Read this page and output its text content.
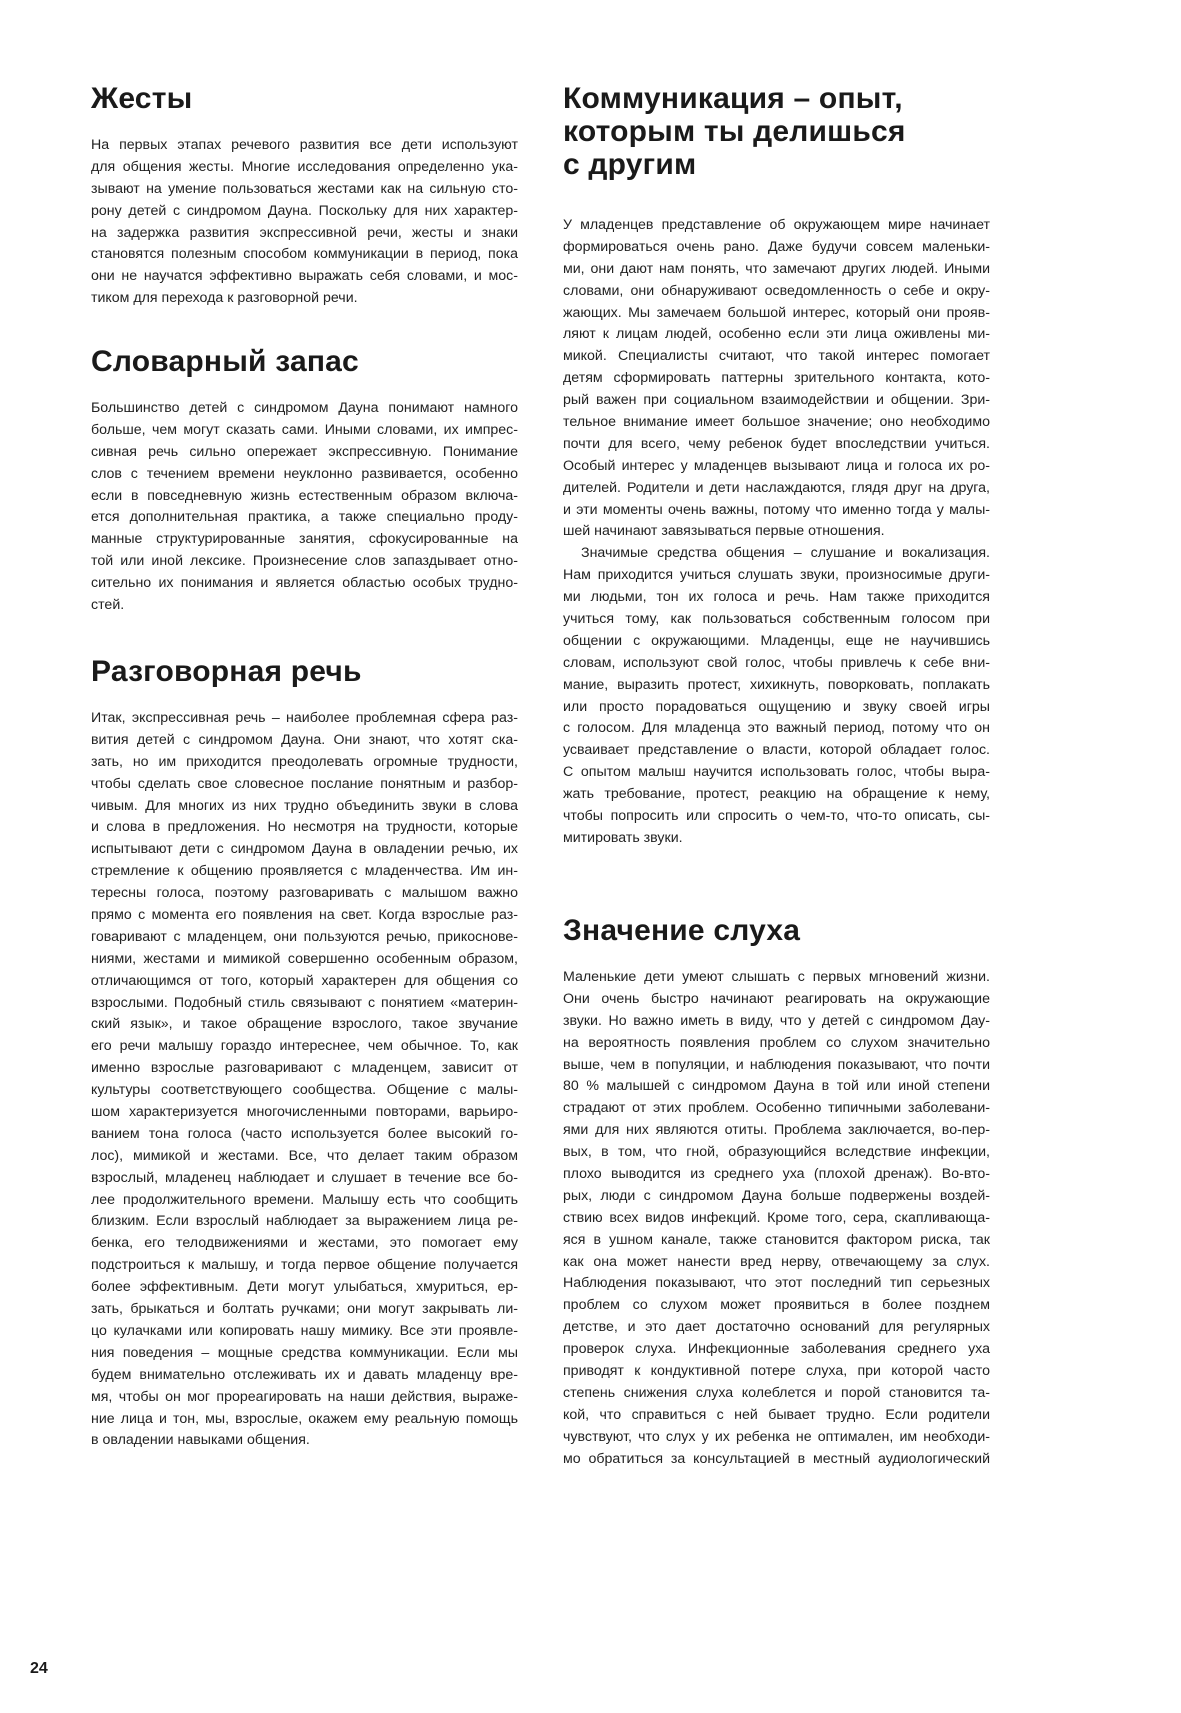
Жесты
На первых этапах речевого развития все дети используют
для общения жесты. Многие исследования определенно ука-
зывают на умение пользоваться жестами как на сильную сто-
рону детей с синдромом Дауна. Поскольку для них характер-
на задержка развития экспрессивной речи, жесты и знаки
становятся полезным способом коммуникации в период, пока
они не научатся эффективно выражать себя словами, и мос-
тиком для перехода к разговорной речи.
Словарный запас
Большинство детей с синдромом Дауна понимают намного
больше, чем могут сказать сами. Иными словами, их импрес-
сивная речь сильно опережает экспрессивную. Понимание
слов с течением времени неуклонно развивается, особенно
если в повседневную жизнь естественным образом включа-
ется дополнительная практика, а также специально проду-
манные структурированные занятия, сфокусированные на
той или иной лексике. Произнесение слов запаздывает отно-
сительно их понимания и является областью особых трудно-
стей.
Разговорная речь
Итак, экспрессивная речь – наиболее проблемная сфера раз-
вития детей с синдромом Дауна. Они знают, что хотят ска-
зать, но им приходится преодолевать огромные трудности,
чтобы сделать свое словесное послание понятным и разбор-
чивым. Для многих из них трудно объединить звуки в слова
и слова в предложения. Но несмотря на трудности, которые
испытывают дети с синдромом Дауна в овладении речью, их
стремление к общению проявляется с младенчества. Им ин-
тересны голоса, поэтому разговаривать с малышом важно
прямо с момента его появления на свет. Когда взрослые раз-
говаривают с младенцем, они пользуются речью, прикоснове-
ниями, жестами и мимикой совершенно особенным образом,
отличающимся от того, который характерен для общения со
взрослыми. Подобный стиль связывают с понятием «материн-
ский язык», и такое обращение взрослого, такое звучание
его речи малышу гораздо интереснее, чем обычное. То, как
именно взрослые разговаривают с младенцем, зависит от
культуры соответствующего сообщества. Общение с малы-
шом характеризуется многочисленными повторами, варьиро-
ванием тона голоса (часто используется более высокий го-
лос), мимикой и жестами. Все, что делает таким образом
взрослый, младенец наблюдает и слушает в течение все бо-
лее продолжительного времени. Малышу есть что сообщить
близким. Если взрослый наблюдает за выражением лица ре-
бенка, его телодвижениями и жестами, это помогает ему
подстроиться к малышу, и тогда первое общение получается
более эффективным. Дети могут улыбаться, хмуриться, ер-
зать, брыкаться и болтать ручками; они могут закрывать ли-
цо кулачками или копировать нашу мимику. Все эти проявле-
ния поведения – мощные средства коммуникации. Если мы
будем внимательно отслеживать их и давать младенцу вре-
мя, чтобы он мог прореагировать на наши действия, выраже-
ние лица и тон, мы, взрослые, окажем ему реальную помощь
в овладении навыками общения.
Коммуникация – опыт,
которым ты делишься
с другим
У младенцев представление об окружающем мире начинает
формироваться очень рано. Даже будучи совсем маленьки-
ми, они дают нам понять, что замечают других людей. Иными
словами, они обнаруживают осведомленность о себе и окру-
жающих. Мы замечаем большой интерес, который они прояв-
ляют к лицам людей, особенно если эти лица оживлены ми-
микой. Специалисты считают, что такой интерес помогает
детям сформировать паттерны зрительного контакта, кото-
рый важен при социальном взаимодействии и общении. Зри-
тельное внимание имеет большое значение; оно необходимо
почти для всего, чему ребенок будет впоследствии учиться.
Особый интерес у младенцев вызывают лица и голоса их ро-
дителей. Родители и дети наслаждаются, глядя друг на друга,
и эти моменты очень важны, потому что именно тогда у малы-
шей начинают завязываться первые отношения.
Значимые средства общения – слушание и вокализация.
Нам приходится учиться слушать звуки, произносимые други-
ми людьми, тон их голоса и речь. Нам также приходится
учиться тому, как пользоваться собственным голосом при
общении с окружающими. Младенцы, еще не научившись
словам, используют свой голос, чтобы привлечь к себе вни-
мание, выразить протест, хихикнуть, поворковать, поплакать
или просто порадоваться ощущению и звуку своей игры
с голосом. Для младенца это важный период, потому что он
усваивает представление о власти, которой обладает голос.
С опытом малыш научится использовать голос, чтобы выра-
жать требование, протест, реакцию на обращение к нему,
чтобы попросить или спросить о чем-то, что-то описать, сы-
митировать звуки.
Значение слуха
Маленькие дети умеют слышать с первых мгновений жизни.
Они очень быстро начинают реагировать на окружающие
звуки. Но важно иметь в виду, что у детей с синдромом Дау-
на вероятность появления проблем со слухом значительно
выше, чем в популяции, и наблюдения показывают, что почти
80 % малышей с синдромом Дауна в той или иной степени
страдают от этих проблем. Особенно типичными заболевани-
ями для них являются отиты. Проблема заключается, во-пер-
вых, в том, что гной, образующийся вследствие инфекции,
плохо выводится из среднего уха (плохой дренаж). Во-вто-
рых, люди с синдромом Дауна больше подвержены воздей-
ствию всех видов инфекций. Кроме того, сера, скапливающа-
яся в ушном канале, также становится фактором риска, так
как она может нанести вред нерву, отвечающему за слух.
Наблюдения показывают, что этот последний тип серьезных
проблем со слухом может проявиться в более позднем
детстве, и это дает достаточно оснований для регулярных
проверок слуха. Инфекционные заболевания среднего уха
приводят к кондуктивной потере слуха, при которой часто
степень снижения слуха колеблется и порой становится та-
кой, что справиться с ней бывает трудно. Если родители
чувствуют, что слух у их ребенка не оптимален, им необходи-
мо обратиться за консультацией в местный аудиологический
24
